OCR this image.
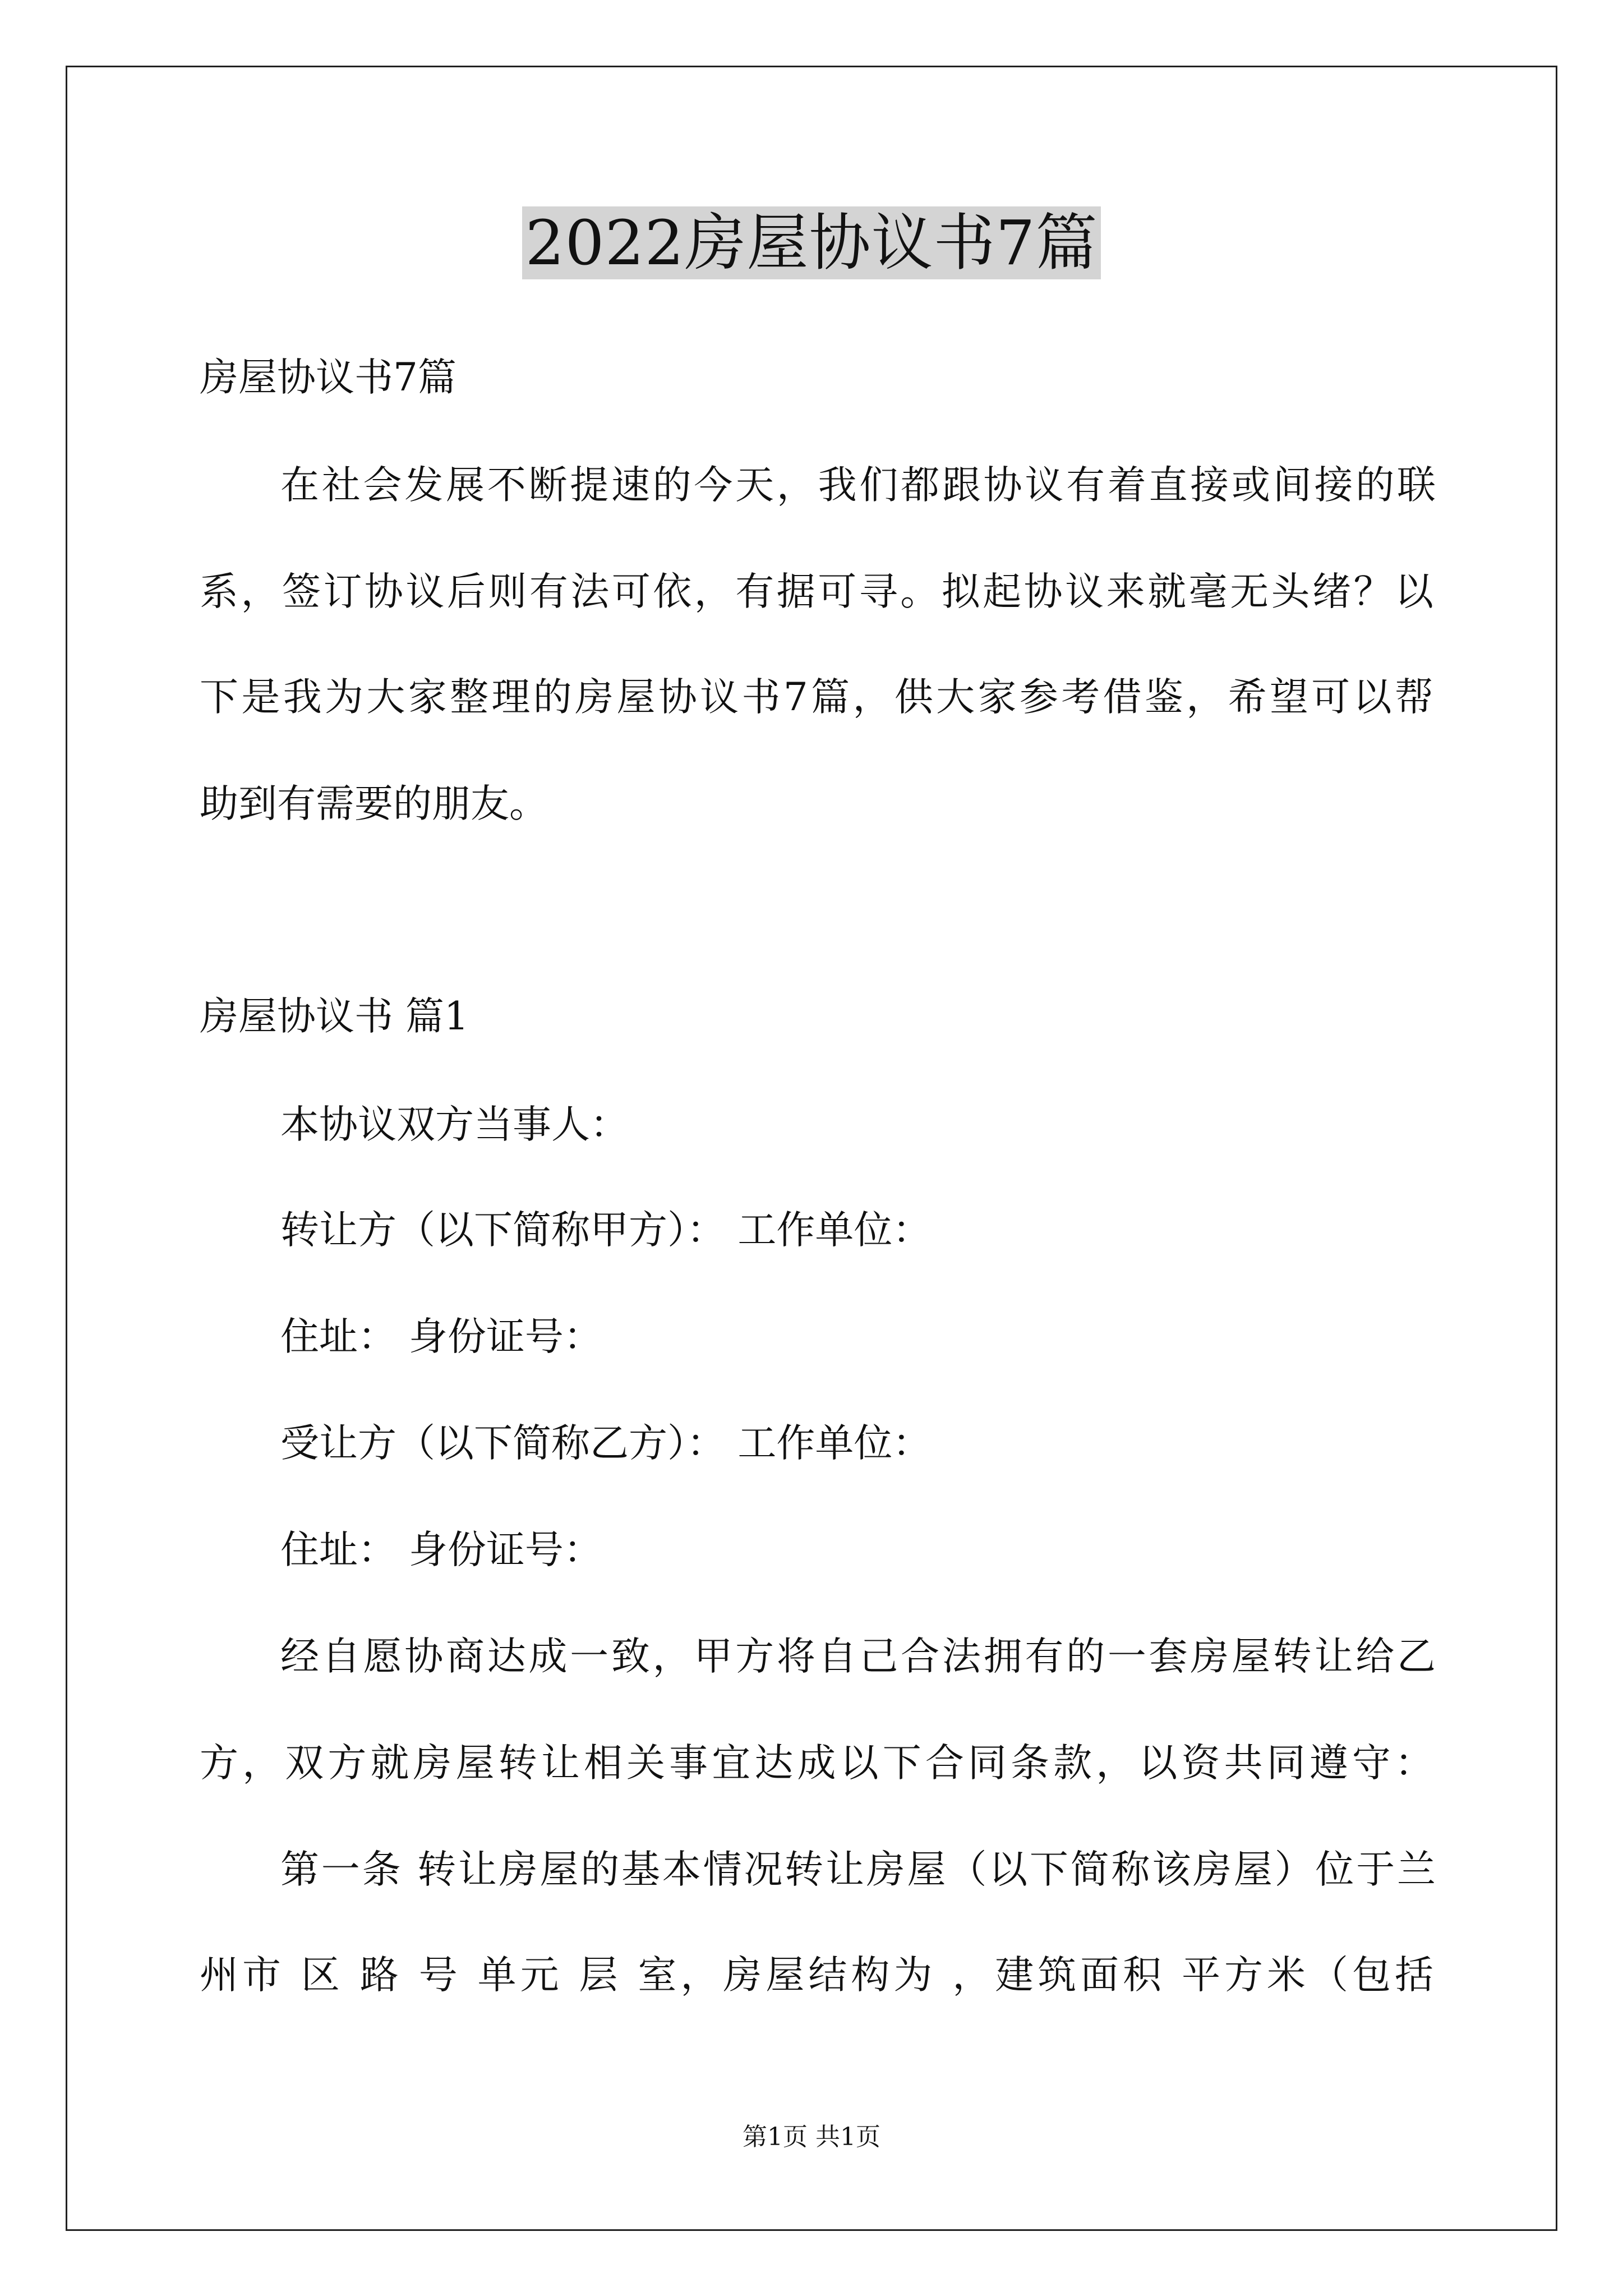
2022房屋协议书7篇
房屋协议书7篇
在社会发展不断提速的今天，我们都跟协议有着直接或间接的联
系，签订协议后则有法可依，有据可寻。拟起协议来就毫无头绪？以
下是我为大家整理的房屋协议书7篇，供大家参考借鉴，希望可以帮
助到有需要的朋友。
房屋协议书 篇1
本协议双方当事人：
转让方（以下简称甲方）： 工作单位：
住址： 身份证号：
受让方（以下简称乙方）： 工作单位：
住址： 身份证号：
经自愿协商达成一致，甲方将自己合法拥有的一套房屋转让给乙
方，双方就房屋转让相关事宜达成以下合同条款，以资共同遵守：
第一条 转让房屋的基本情况转让房屋（以下简称该房屋）位于兰
州市 区 路 号 单元 层 室，房屋结构为 ，建筑面积 平方米（包括
第1页 共1页
